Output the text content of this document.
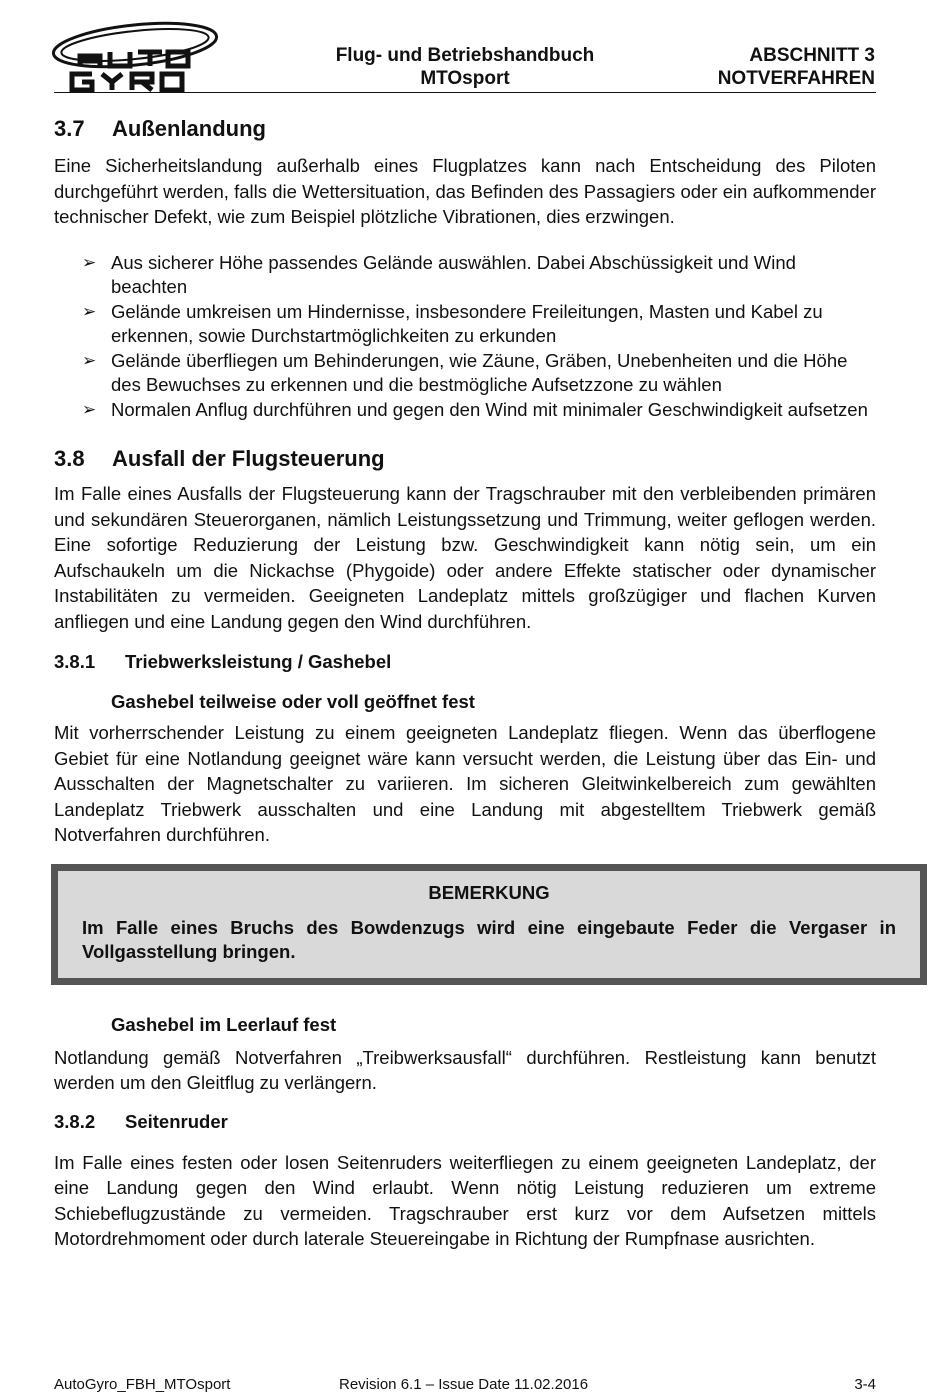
Flug- und Betriebshandbuch
MTOsport
ABSCHNITT 3
NOTVERFAHREN
3.7 Außenlandung

Eine Sicherheitslandung außerhalb eines Flugplatzes kann nach Entscheidung des Piloten durchgeführt werden, falls die Wettersituation, das Befinden des Passagiers oder ein aufkommender technischer Defekt, wie zum Beispiel plötzliche Vibrationen, dies erzwingen.

➢ Aus sicherer Höhe passendes Gelände auswählen. Dabei Abschüssigkeit und Wind beachten
➢ Gelände umkreisen um Hindernisse, insbesondere Freileitungen, Masten und Kabel zu erkennen, sowie Durchstartmöglichkeiten zu erkunden
➢ Gelände überfliegen um Behinderungen, wie Zäune, Gräben, Unebenheiten und die Höhe des Bewuchses zu erkennen und die bestmögliche Aufsetzzone zu wählen
➢ Normalen Anflug durchführen und gegen den Wind mit minimaler Geschwindigkeit aufsetzen
3.8 Ausfall der Flugsteuerung

Im Falle eines Ausfalls der Flugsteuerung kann der Tragschrauber mit den verbleibenden primären und sekundären Steuerorganen, nämlich Leistungssetzung und Trimmung, weiter geflogen werden. Eine sofortige Reduzierung der Leistung bzw. Geschwindigkeit kann nötig sein, um ein Aufschaukeln um die Nickachse (Phygoide) oder andere Effekte statischer oder dynamischer Instabilitäten zu vermeiden. Geeigneten Landeplatz mittels großzügiger und flachen Kurven anfliegen und eine Landung gegen den Wind durchführen.

3.8.1 Triebwerksleistung / Gashebel
Gashebel teilweise oder voll geöffnet fest

Mit vorherrschender Leistung zu einem geeigneten Landeplatz fliegen. Wenn das überflogene Gebiet für eine Notlandung geeignet wäre kann versucht werden, die Leistung über das Ein- und Ausschalten der Magnetschalter zu variieren. Im sicheren Gleitwinkelbereich zum gewählten Landeplatz Triebwerk ausschalten und eine Landung mit abgestelltem Triebwerk gemäß Notverfahren durchführen.

BEMERKUNG
Im Falle eines Bruchs des Bowdenzugs wird eine eingebaute Feder die Vergaser in Vollgasstellung bringen.
Gashebel im Leerlauf fest

Notlandung gemäß Notverfahren „Treibwerksausfall“ durchführen. Restleistung kann benutzt werden um den Gleitflug zu verlängern.

3.8.2 Seitenruder

Im Falle eines festen oder losen Seitenruders weiterfliegen zu einem geeigneten Landeplatz, der eine Landung gegen den Wind erlaubt. Wenn nötig Leistung reduzieren um extreme Schiebeflugzustände zu vermeiden. Tragschrauber erst kurz vor dem Aufsetzen mittels Motordrehmoment oder durch laterale Steuereingabe in Richtung der Rumpfnase ausrichten.

AutoGyro_FBH_MTOsport	Revision 6.1 – Issue Date 11.02.2016	3-4
